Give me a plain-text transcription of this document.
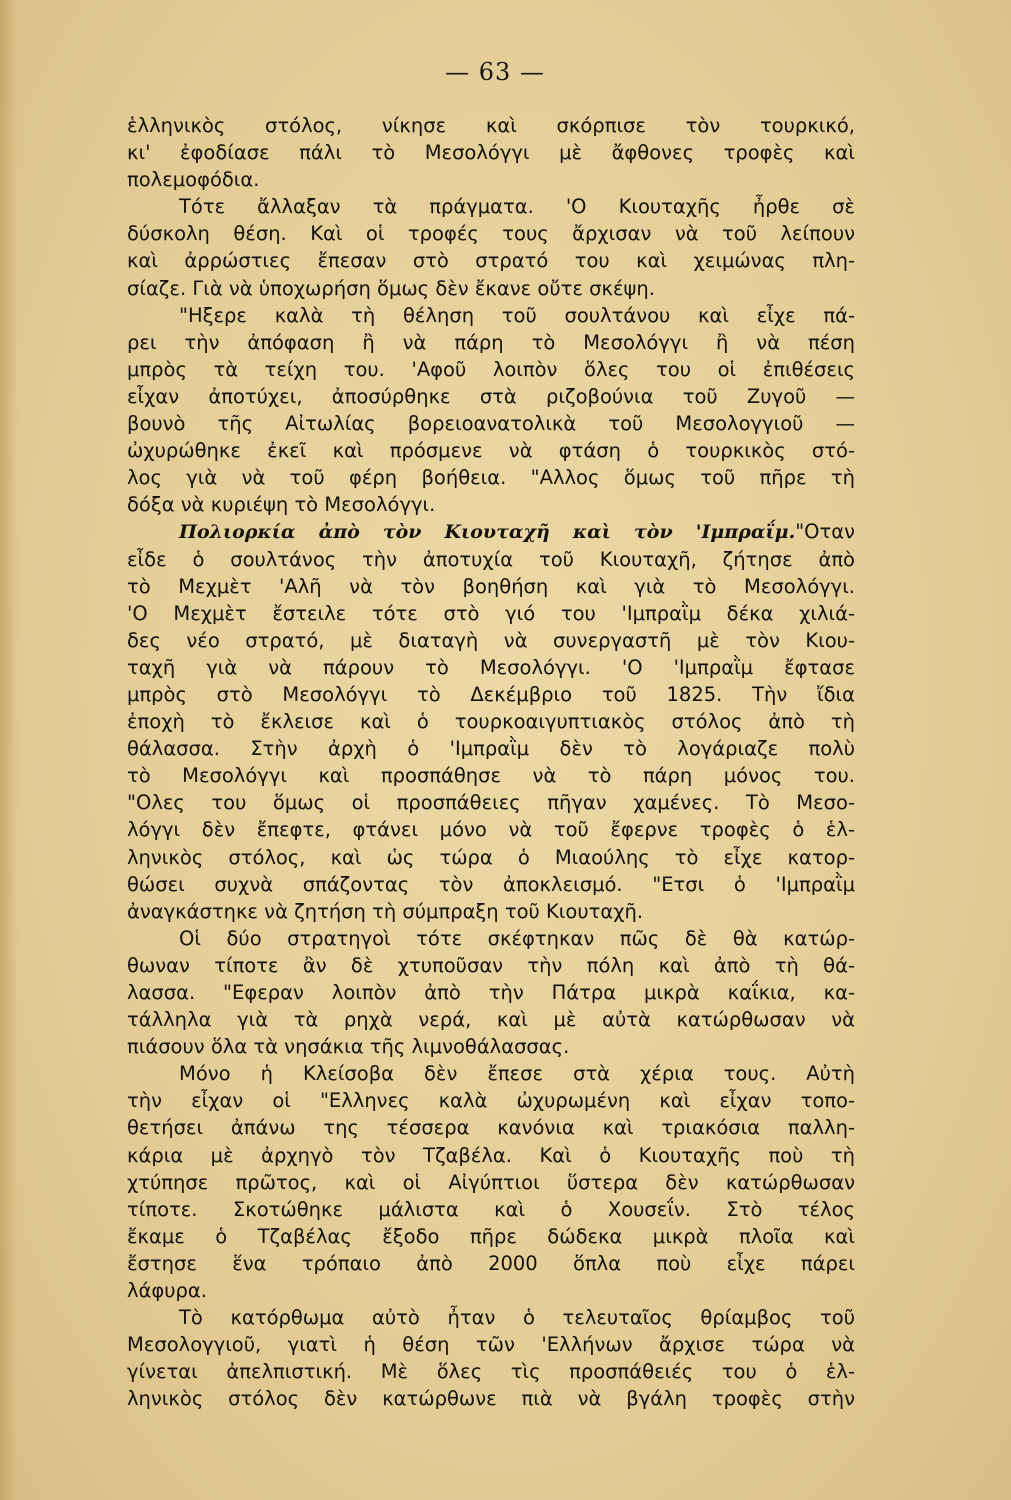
— 63 —
ἑλληνικὸς στόλος, νίκησε καὶ σκόρπισε τὸν τουρκικό,
κι' ἐφοδίασε πάλι τὸ Μεσολόγγι μὲ ἄφθονες τροφὲς καὶ
πολεμοφόδια.
Τότε ἄλλαξαν τὰ πράγματα. 'Ο Κιουταχῆς ἦρθε σὲ
δύσκολη θέση. Καὶ οἱ τροφές τους ἄρχισαν νὰ τοῦ λείπουν
καὶ ἀρρώστιες ἔπεσαν στὸ στρατό του καὶ χειμώνας πλη-
σίαζε. Γιὰ νὰ ὑποχωρήση ὅμως δὲν ἔκανε οὔτε σκέψη.
"Ηξερε καλὰ τὴ θέληση τοῦ σουλτάνου καὶ εἶχε πά-
ρει τὴν ἀπόφαση ἢ νὰ πάρη τὸ Μεσολόγγι ἢ νὰ πέση
μπρὸς τὰ τείχη του. 'Αφοῦ λοιπὸν ὅλες του οἱ ἐπιθέσεις
εἶχαν ἀποτύχει, ἀποσύρθηκε στὰ ριζοβούνια τοῦ Ζυγοῦ —
βουνὸ τῆς Αἰτωλίας βορειοανατολικὰ τοῦ Μεσολογγιοῦ —
ὠχυρώθηκε ἐκεῖ καὶ πρόσμενε νὰ φτάση ὁ τουρκικὸς στό-
λος γιὰ νὰ τοῦ φέρη βοήθεια. "Αλλος ὅμως τοῦ πῆρε τὴ
δόξα νὰ κυριέψη τὸ Μεσολόγγι.
Πολιορκία ἀπὸ τὸν Κιουταχῆ καὶ τὸν 'Ιμπραΐμ."Οταν
εἶδε ὁ σουλτάνος τὴν ἀποτυχία τοῦ Κιουταχῆ, ζήτησε ἀπὸ
τὸ Μεχμὲτ 'Αλῆ νὰ τὸν βοηθήση καὶ γιὰ τὸ Μεσολόγγι.
'Ο Μεχμὲτ ἔστειλε τότε στὸ γιό του 'Ιμπραῒμ δέκα χιλιά-
δες νέο στρατό, μὲ διαταγὴ νὰ συνεργαστῆ μὲ τὸν Κιου-
ταχῆ γιὰ νὰ πάρουν τὸ Μεσολόγγι. 'Ο 'Ιμπραῒμ ἔφτασε
μπρὸς στὸ Μεσολόγγι τὸ Δεκέμβριο τοῦ 1825. Τὴν ἴδια
ἐποχὴ τὸ ἔκλεισε καὶ ὁ τουρκοαιγυπτιακὸς στόλος ἀπὸ τὴ
θάλασσα. Στὴν ἀρχὴ ὁ 'Ιμπραῒμ δὲν τὸ λογάριαζε πολὺ
τὸ Μεσολόγγι καὶ προσπάθησε νὰ τὸ πάρη μόνος του.
"Ολες του ὅμως οἱ προσπάθειες πῆγαν χαμένες. Τὸ Μεσο-
λόγγι δὲν ἔπεφτε, φτάνει μόνο νὰ τοῦ ἔφερνε τροφὲς ὁ ἑλ-
ληνικὸς στόλος, καὶ ὡς τώρα ὁ Μιαούλης τὸ εἶχε κατορ-
θώσει συχνὰ σπάζοντας τὸν ἀποκλεισμό. "Ετσι ὁ 'Ιμπραῒμ
ἀναγκάστηκε νὰ ζητήση τὴ σύμπραξη τοῦ Κιουταχῆ.
Οἱ δύο στρατηγοὶ τότε σκέφτηκαν πῶς δὲ θὰ κατώρ-
θωναν τίποτε ἂν δὲ χτυποῦσαν τὴν πόλη καὶ ἀπὸ τὴ θά-
λασσα. "Εφεραν λοιπὸν ἀπὸ τὴν Πάτρα μικρὰ καΐκια, κα-
τάλληλα γιὰ τὰ ρηχὰ νερά, καὶ μὲ αὐτὰ κατώρθωσαν νὰ
πιάσουν ὅλα τὰ νησάκια τῆς λιμνοθάλασσας.
Μόνο ἡ Κλείσοβα δὲν ἔπεσε στὰ χέρια τους. Αὐτὴ
τὴν εἶχαν οἱ "Ελληνες καλὰ ὠχυρωμένη καὶ εἶχαν τοπο-
θετήσει ἀπάνω της τέσσερα κανόνια καὶ τριακόσια παλλη-
κάρια μὲ ἀρχηγὸ τὸν Τζαβέλα. Καὶ ὁ Κιουταχῆς ποὺ τὴ
χτύπησε πρῶτος, καὶ οἱ Αἰγύπτιοι ὕστερα δὲν κατώρθωσαν
τίποτε. Σκοτώθηκε μάλιστα καὶ ὁ Χουσεΐν. Στὸ τέλος
ἔκαμε ὁ Τζαβέλας ἔξοδο πῆρε δώδεκα μικρὰ πλοῖα καὶ
ἔστησε ἕνα τρόπαιο ἀπὸ 2000 ὅπλα ποὺ εἶχε πάρει
λάφυρα.
Τὸ κατόρθωμα αὐτὸ ἦταν ὁ τελευταῖος θρίαμβος τοῦ
Μεσολογγιοῦ, γιατὶ ἡ θέση τῶν 'Ελλήνων ἄρχισε τώρα νὰ
γίνεται ἀπελπιστική. Μὲ ὅλες τὶς προσπάθειές του ὁ ἑλ-
ληνικὸς στόλος δὲν κατώρθωνε πιὰ νὰ βγάλη τροφὲς στὴν
